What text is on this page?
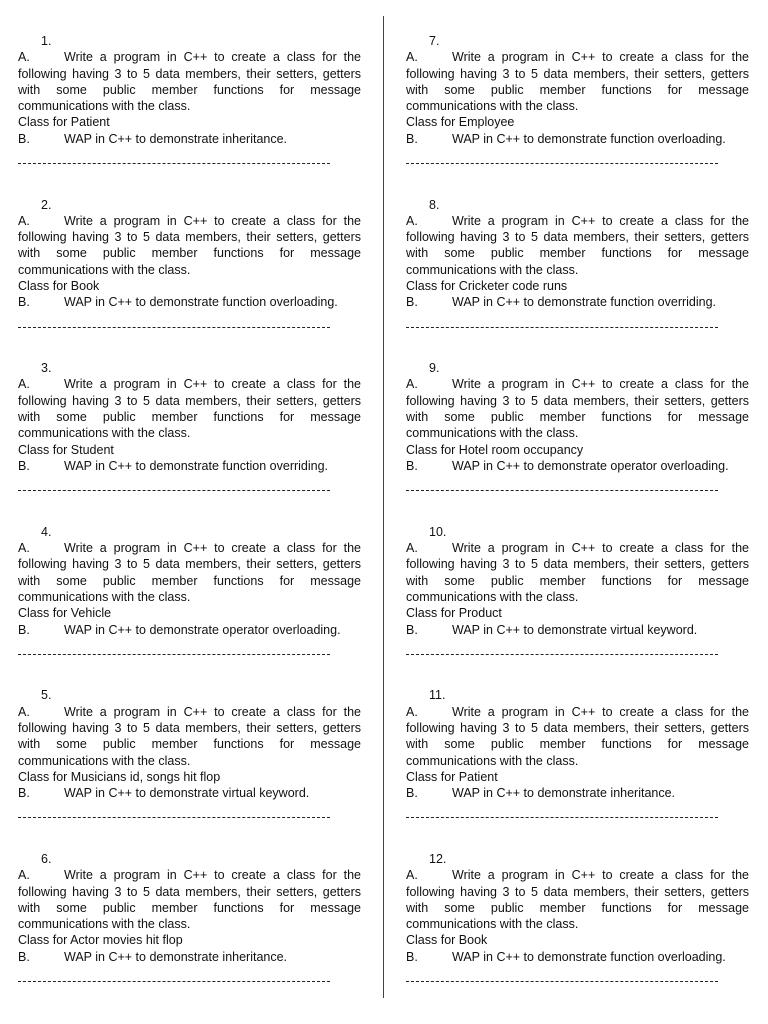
1.
A.	Write a program in C++ to create a class for the
following having 3 to 5 data members, their setters, getters
with some public member functions for message
communications with the class.
Class for Patient
B.	WAP in C++ to demonstrate inheritance.
2.
A.	Write a program in C++ to create a class for the
following having 3 to 5 data members, their setters, getters
with some public member functions for message
communications with the class.
Class for Book
B.	WAP in C++ to demonstrate function overloading.
3.
A.	Write a program in C++ to create a class for the
following having 3 to 5 data members, their setters, getters
with some public member functions for message
communications with the class.
Class for Student
B.	WAP in C++ to demonstrate function overriding.
4.
A.	Write a program in C++ to create a class for the
following having 3 to 5 data members, their setters, getters
with some public member functions for message
communications with the class.
Class for Vehicle
B.	WAP in C++ to demonstrate operator overloading.
5.
A.	Write a program in C++ to create a class for the
following having 3 to 5 data members, their setters, getters
with some public member functions for message
communications with the class.
Class for Musicians id, songs hit flop
B.	WAP in C++ to demonstrate virtual keyword.
6.
A.	Write a program in C++ to create a class for the
following having 3 to 5 data members, their setters, getters
with some public member functions for message
communications with the class.
Class for Actor movies hit flop
B.	WAP in C++ to demonstrate inheritance.
7.
A.	Write a program in C++ to create a class for the
following having 3 to 5 data members, their setters, getters
with some public member functions for message
communications with the class.
Class for Employee
B.	WAP in C++ to demonstrate function overloading.
8.
A.	Write a program in C++ to create a class for the
following having 3 to 5 data members, their setters, getters
with some public member functions for message
communications with the class.
Class for Cricketer code runs
B.	WAP in C++ to demonstrate function overriding.
9.
A.	Write a program in C++ to create a class for the
following having 3 to 5 data members, their setters, getters
with some public member functions for message
communications with the class.
Class for Hotel room occupancy
B.	WAP in C++ to demonstrate operator overloading.
10.
A.	Write a program in C++ to create a class for the
following having 3 to 5 data members, their setters, getters
with some public member functions for message
communications with the class.
Class for Product
B.	WAP in C++ to demonstrate virtual keyword.
11.
A.	Write a program in C++ to create a class for the
following having 3 to 5 data members, their setters, getters
with some public member functions for message
communications with the class.
Class for Patient
B.	WAP in C++ to demonstrate inheritance.
12.
A.	Write a program in C++ to create a class for the
following having 3 to 5 data members, their setters, getters
with some public member functions for message
communications with the class.
Class for Book
B.	WAP in C++ to demonstrate function overloading.
